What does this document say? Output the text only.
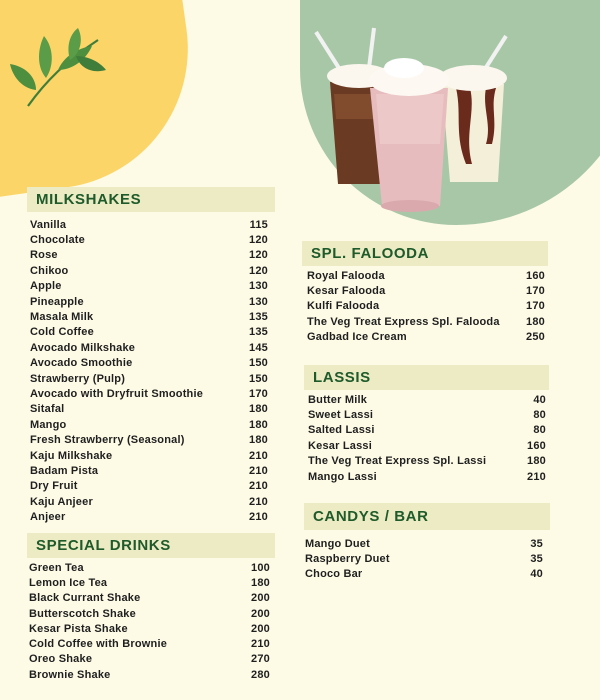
MILKSHAKES
Vanilla	115
Chocolate	120
Rose	120
Chikoo	120
Apple	130
Pineapple	130
Masala Milk	135
Cold Coffee	135
Avocado Milkshake	145
Avocado Smoothie	150
Strawberry (Pulp)	150
Avocado with Dryfruit Smoothie	170
Sitafal	180
Mango	180
Fresh Strawberry (Seasonal)	180
Kaju Milkshake	210
Badam Pista	210
Dry Fruit	210
Kaju Anjeer	210
Anjeer	210
SPECIAL DRINKS
Green Tea	100
Lemon Ice Tea	180
Black Currant Shake	200
Butterscotch Shake	200
Kesar Pista Shake	200
Cold Coffee with Brownie	210
Oreo Shake	270
Brownie Shake	280
SPL. FALOODA
Royal Falooda	160
Kesar Falooda	170
Kulfi Falooda	170
The Veg Treat Express Spl. Falooda 180
Gadbad Ice Cream	250
LASSIS
Butter Milk	40
Sweet Lassi	80
Salted Lassi	80
Kesar Lassi	160
The Veg Treat Express Spl. Lassi	180
Mango Lassi	210
CANDYS / BAR
Mango Duet	35
Raspberry Duet	35
Choco Bar	40
